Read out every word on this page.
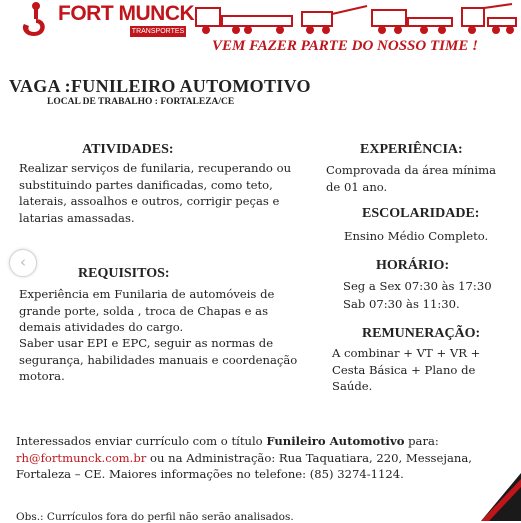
FORT MUNCK
TRANSPORTES
VEM FAZER PARTE DO NOSSO TIME !
VAGA :FUNILEIRO AUTOMOTIVO
LOCAL DE TRABALHO : FORTALEZA/CE
ATIVIDADES:
Realizar serviços de funilaria, recuperando ou substituindo partes danificadas, como teto, laterais, assoalhos e outros, corrigir peças e latarias amassadas.
REQUISITOS:
Experiência em Funilaria de automóveis de grande porte, solda , troca de Chapas e as demais atividades do cargo.
Saber usar EPI e EPC, seguir as normas de segurança, habilidades manuais e coordenação motora.
EXPERIÊNCIA:
Comprovada da área mínima de 01 ano.
ESCOLARIDADE:
Ensino Médio Completo.
HORÁRIO:
Seg a Sex 07:30 às 17:30
Sab 07:30 às 11:30.
REMUNERAÇÃO:
A combinar + VT + VR + Cesta Básica + Plano de Saúde.
‹
Interessados enviar currículo com o título Funileiro Automotivo para:
rh@fortmunck.com.br ou na Administração: Rua Taquatiara, 220, Messejana, Fortaleza – CE. Maiores informações no telefone: (85) 3274-1124.
Obs.: Currículos fora do perfil não serão analisados.
